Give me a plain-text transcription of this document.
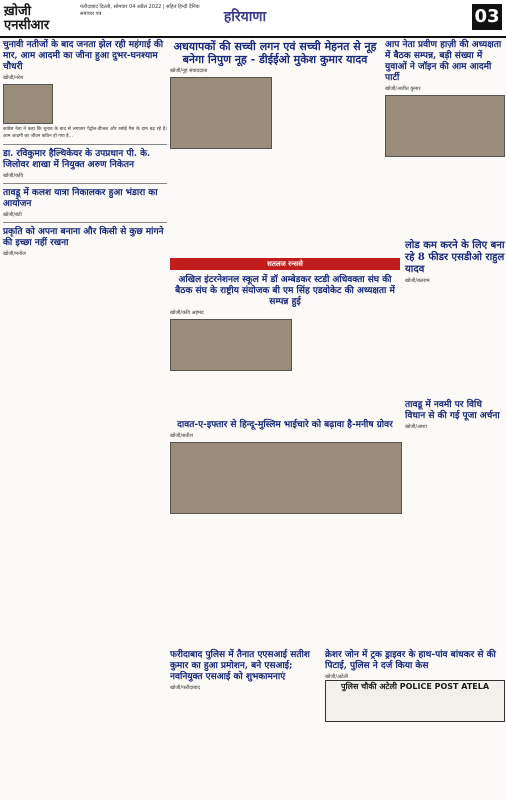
ख़ोजी एनसीआर
फरीदाबाद दिल्ली, सोमवार 04 अप्रैल 2022 | सहित हिन्दी दैनिक समाचार पत्र	हरियाणा	03
चुनावी नतीजों के बाद जनता झेल रही महंगाई की मार, आम आदमी का जीना हुआ दुभर-घनश्याम चौधरी
खोजी/नरेश
कांग्रेस नेता ने कहा कि चुनाव के बाद से लगातार पेट्रोल-डीजल और रसोई गैस के दाम बढ़ रहे हैं। आम आदमी का जीवन कठिन हो गया है...
डा. रविकुमार हैल्थिकेयर के उपप्रधान पी. के. जिलोवर शाखा में नियुक्त अरुण निकेतन
खोजी/कवि
तावडू में कलश यात्रा निकालकर हुआ भंडारा का आयोजन
खोजी/बंटी
प्रकृति को अपना बनाना और किसी से कुछ मांगने की इच्छा नहीं रखना
खोजी/मनोज
अधयापकों की सच्ची लगन एवं सच्ची मेहनत से नूह बनेगा निपुण नूह - डीईईओ मुकेश कुमार यादव
खोजी/नूह संवाददाता
आप नेता प्रवीण हाज़ी की अध्यक्षता में बैठक सम्पन्न, बड़ी संख्या में युवाओं ने जॉइन की आम आदमी पार्टी
खोजी/अजीत कुमार
सतलज रन्ससे
अखिल इंटरनेशनल स्कूल में डॉ अम्बेडकर स्टडी अधिवक्ता संघ की बैठक संघ के राष्ट्रीय संयोजक बी एम सिंह एडवोकेट की अध्यक्षता में सम्पन्न हुई
खोजी/कवि अहमद
लोड कम करने के लिए बना रहे 8 फीडर एसडीओ राहुल यादव
खोजी/बलराम
दावत-ए-इफ्तार से हिन्दू-मुस्लिम भाईचारे को बढ़ावा है-मनीष ग्रोवर
खोजी/सतीश
तावडू में नवमी पर विधि विधान से की गई पूजा अर्चना
खोजी/आशा
फरीदाबाद पुलिस में तैनात एएसआई सतीश कुमार का हुआ प्रमोशन, बने एसआई; नवनियुक्त एसआई को शुभकामनाएं
खोजी/फरीदाबाद
क्रेशर जोन में ट्रक ड्राइवर के हाथ-पांव बांधकर से की पिटाई, पुलिस ने दर्ज किया केस
खोजी/अटेली
पुलिस चौकी अटेली POLICE POST ATELA
